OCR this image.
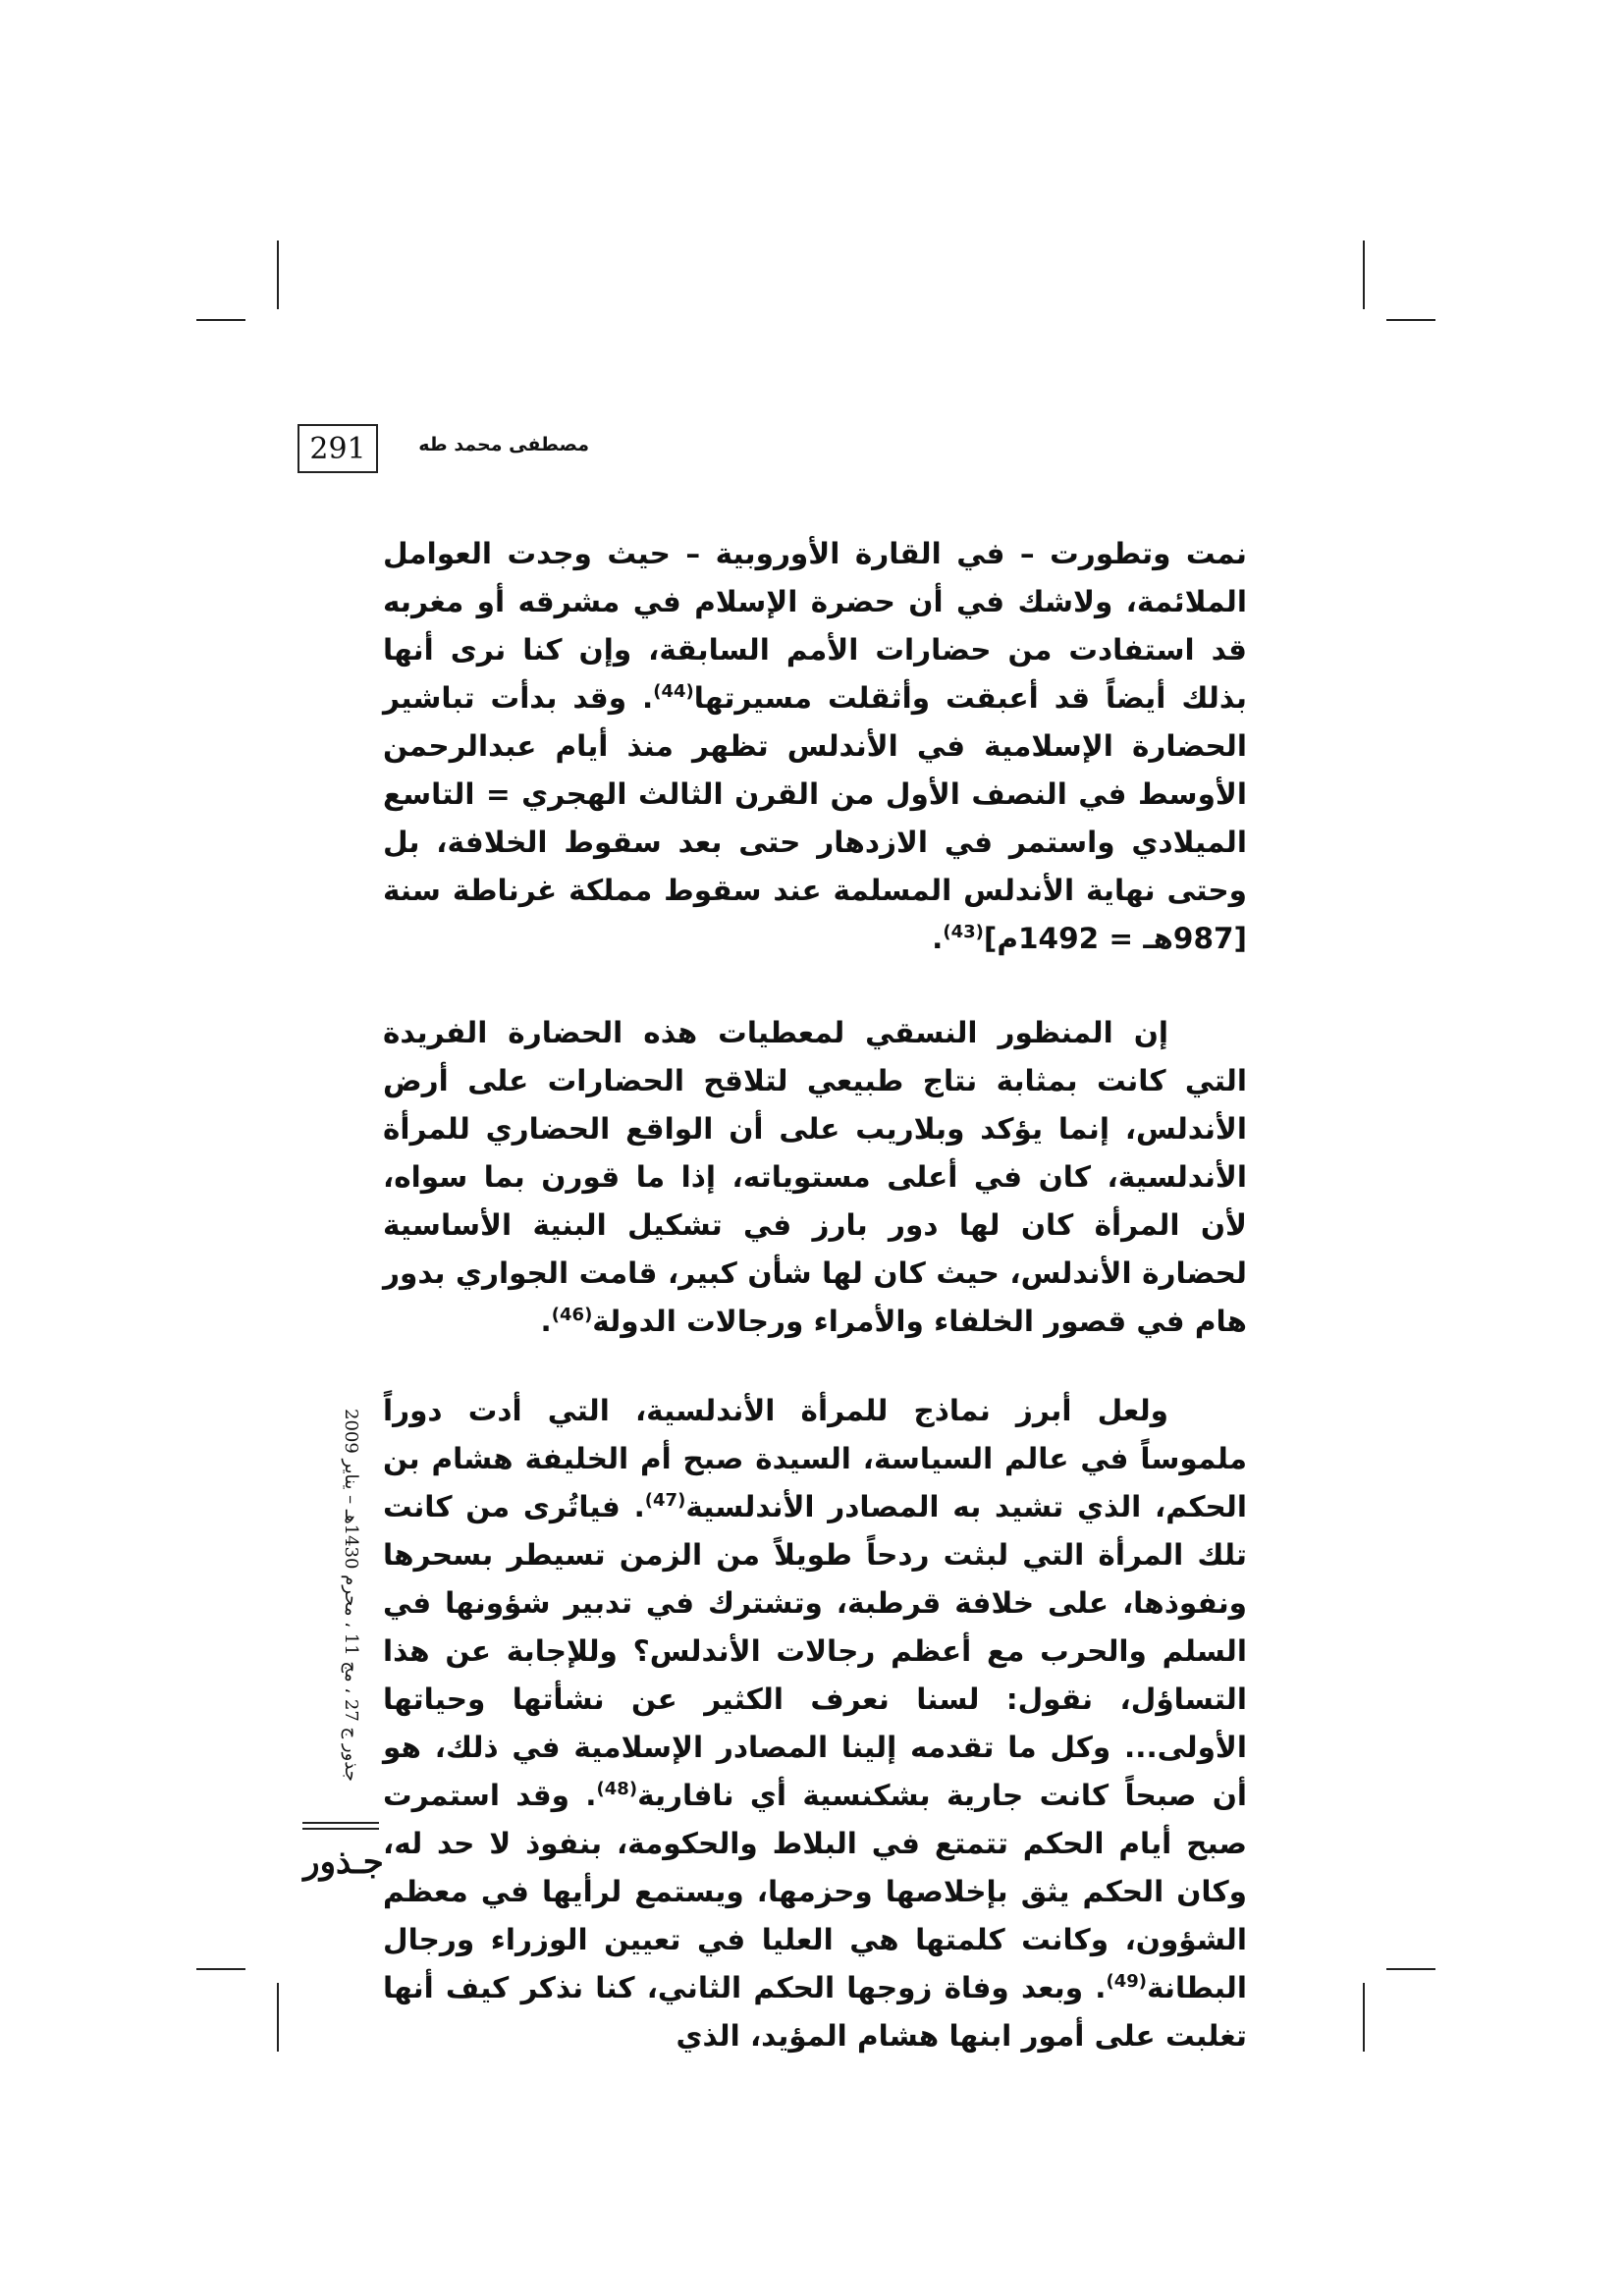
291	مصطفى محمد طه

نمت وتطورت – في القارة الأوروبية – حيث وجدت العوامل الملائمة، ولاشك في أن حضرة الإسلام في مشرقه أو مغربه قد استفادت من حضارات الأمم السابقة، وإن كنا نرى أنها بذلك أيضاً قد أعبقت وأثقلت مسيرتها$^{(44)}$. وقد بدأت تباشير الحضارة الإسلامية في الأندلس تظهر منذ أيام عبدالرحمن الأوسط في النصف الأول من القرن الثالث الهجري = التاسع الميلادي واستمر في الازدهار حتى بعد سقوط الخلافة، بل وحتى نهاية الأندلس المسلمة عند سقوط مملكة غرناطة سنة [987هـ = 1492م]$^{(43)}$.

إن المنظور النسقي لمعطيات هذه الحضارة الفريدة التي كانت بمثابة نتاج طبيعي لتلاقح الحضارات على أرض الأندلس، إنما يؤكد وبلاريب على أن الواقع الحضاري للمرأة الأندلسية، كان في أعلى مستوياته، إذا ما قورن بما سواه، لأن المرأة كان لها دور بارز في تشكيل البنية الأساسية لحضارة الأندلس، حيث كان لها شأن كبير، قامت الجواري بدور هام في قصور الخلفاء والأمراء ورجالات الدولة$^{(46)}$.

ولعل أبرز نماذج للمرأة الأندلسية، التي أدت دوراً ملموساً في عالم السياسة، السيدة صبح أم الخليفة هشام بن الحكم، الذي تشيد به المصادر الأندلسية$^{(47)}$. فياتُرى من كانت تلك المرأة التي لبثت ردحاً طويلاً من الزمن تسيطر بسحرها ونفوذها، على خلافة قرطبة، وتشترك في تدبير شؤونها في السلم والحرب مع أعظم رجالات الأندلس؟ وللإجابة عن هذا التساؤل، نقول: لسنا نعرف الكثير عن نشأتها وحياتها الأولى... وكل ما تقدمه إلينا المصادر الإسلامية في ذلك، هو أن صبحاً كانت جارية بشكنسية أي نافارية$^{(48)}$. وقد استمرت صبح أيام الحكم تتمتع في البلاط والحكومة، بنفوذ لا حد له، وكان الحكم يثق بإخلاصها وحزمها، ويستمع لرأيها في معظم الشؤون، وكانت كلمتها هي العليا في تعيين الوزراء ورجال البطانة$^{(49)}$. وبعد وفاة زوجها الحكم الثاني، كنا نذكر كيف أنها تغلبت على أمور ابنها هشام المؤيد، الذي

جذور ج 27 ، مج 11 ، محرم 1430هـ – يناير 2009
جـذور
